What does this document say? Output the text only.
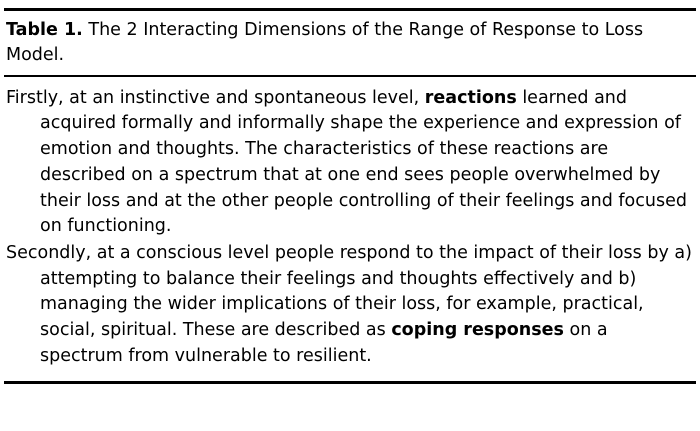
Table 1. The 2 Interacting Dimensions of the Range of Response to Loss Model.

Firstly, at an instinctive and spontaneous level, reactions learned and acquired formally and informally shape the experience and expression of emotion and thoughts. The characteristics of these reactions are described on a spectrum that at one end sees people overwhelmed by their loss and at the other people controlling of their feelings and focused on functioning.

Secondly, at a conscious level people respond to the impact of their loss by a) attempting to balance their feelings and thoughts effectively and b) managing the wider implications of their loss, for example, practical, social, spiritual. These are described as coping responses on a spectrum from vulnerable to resilient.
